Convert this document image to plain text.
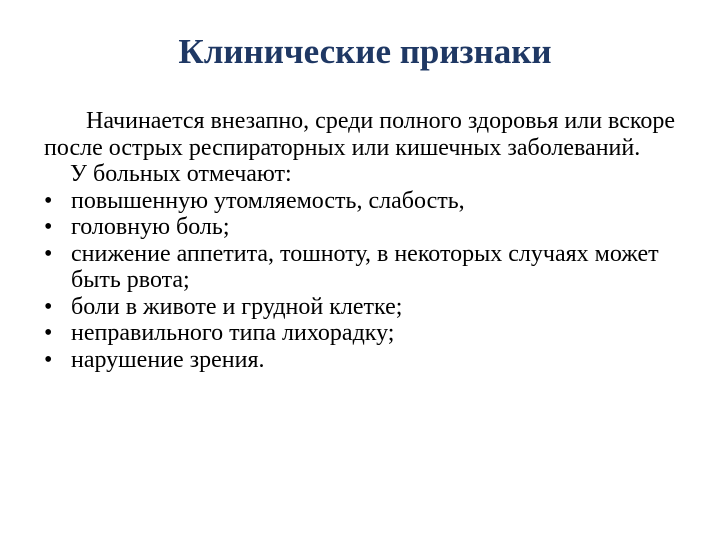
Клинические признаки

Начинается внезапно, среди полного здоровья или вскоре после острых респираторных или кишечных заболеваний.

У больных отмечают:

• повышенную утомляемость, слабость,
• головную боль;
• снижение аппетита, тошноту, в некоторых случаях может быть рвота;
• боли в животе и грудной клетке;
• неправильного типа лихорадку;
• нарушение зрения.
